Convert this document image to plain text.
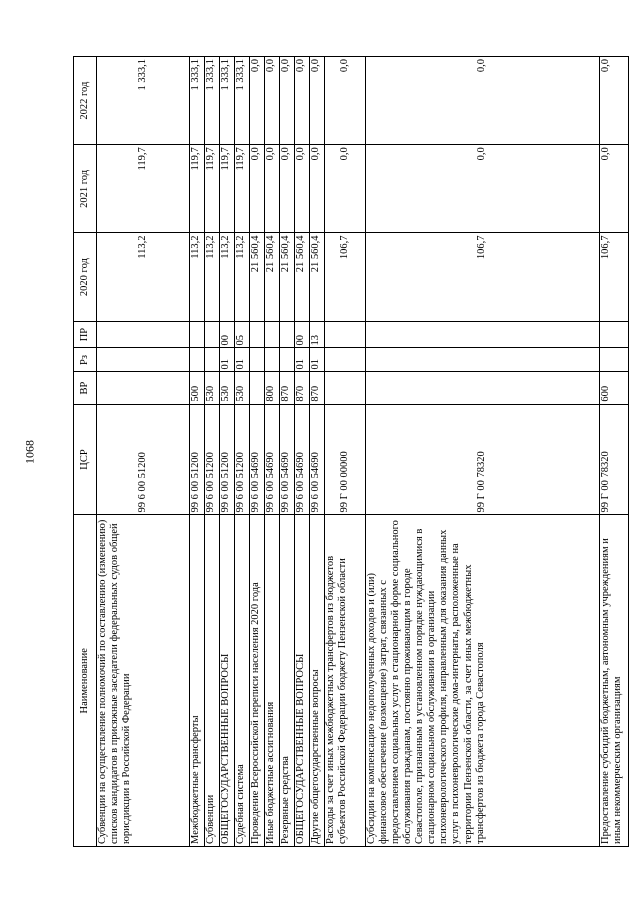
1068
Наименование	ЦСР	ВР	Рз	ПР	2020 год	2021 год	2022 год
Субвенции на осуществление полномочий по составлению (изменению) списков кандидатов в присяжные заседатели федеральных судов общей юрисдикции в Российской Федерации	99 6 00 51200				113,2	119,7	1 333,1
Межбюджетные трансферты	99 6 00 51200	500			113,2	119,7	1 333,1
Субвенции	99 6 00 51200	530			113,2	119,7	1 333,1
ОБЩЕГОСУДАРСТВЕННЫЕ ВОПРОСЫ	99 6 00 51200	530	01	00	113,2	119,7	1 333,1
Судебная система	99 6 00 51200	530	01	05	113,2	119,7	1 333,1
Проведение Всероссийской переписи населения 2020 года	99 6 00 54690				21 560,4	0,0	0,0
Иные бюджетные ассигнования	99 6 00 54690	800			21 560,4	0,0	0,0
Резервные средства	99 6 00 54690	870			21 560,4	0,0	0,0
ОБЩЕГОСУДАРСТВЕННЫЕ ВОПРОСЫ	99 6 00 54690	870	01	00	21 560,4	0,0	0,0
Другие общегосударственные вопросы	99 6 00 54690	870	01	13	21 560,4	0,0	0,0
Расходы за счет иных межбюджетных трансфертов из бюджетов субъектов Российской Федерации бюджету Пензенской области	99 Г 00 00000				106,7	0,0	0,0
Субсидии на компенсацию недополученных доходов и (или) финансовое обеспечение (возмещение) затрат, связанных с предоставлением социальных услуг в стационарной форме социального обслуживания гражданам, постоянно проживающим в городе Севастополе, признанным в установленном порядке нуждающимися в стационарном социальном обслуживании в организации психоневрологического профиля, направленным для оказания данных услуг в психоневрологические дома-интернаты, расположенные на территории Пензенской области, за счет иных межбюджетных трансфертов из бюджета города Севастополя	99 Г 00 78320				106,7	0,0	0,0
Предоставление субсидий бюджетным, автономным учреждениям и иным некоммерческим организациям	99 Г 00 78320	600			106,7	0,0	0,0
